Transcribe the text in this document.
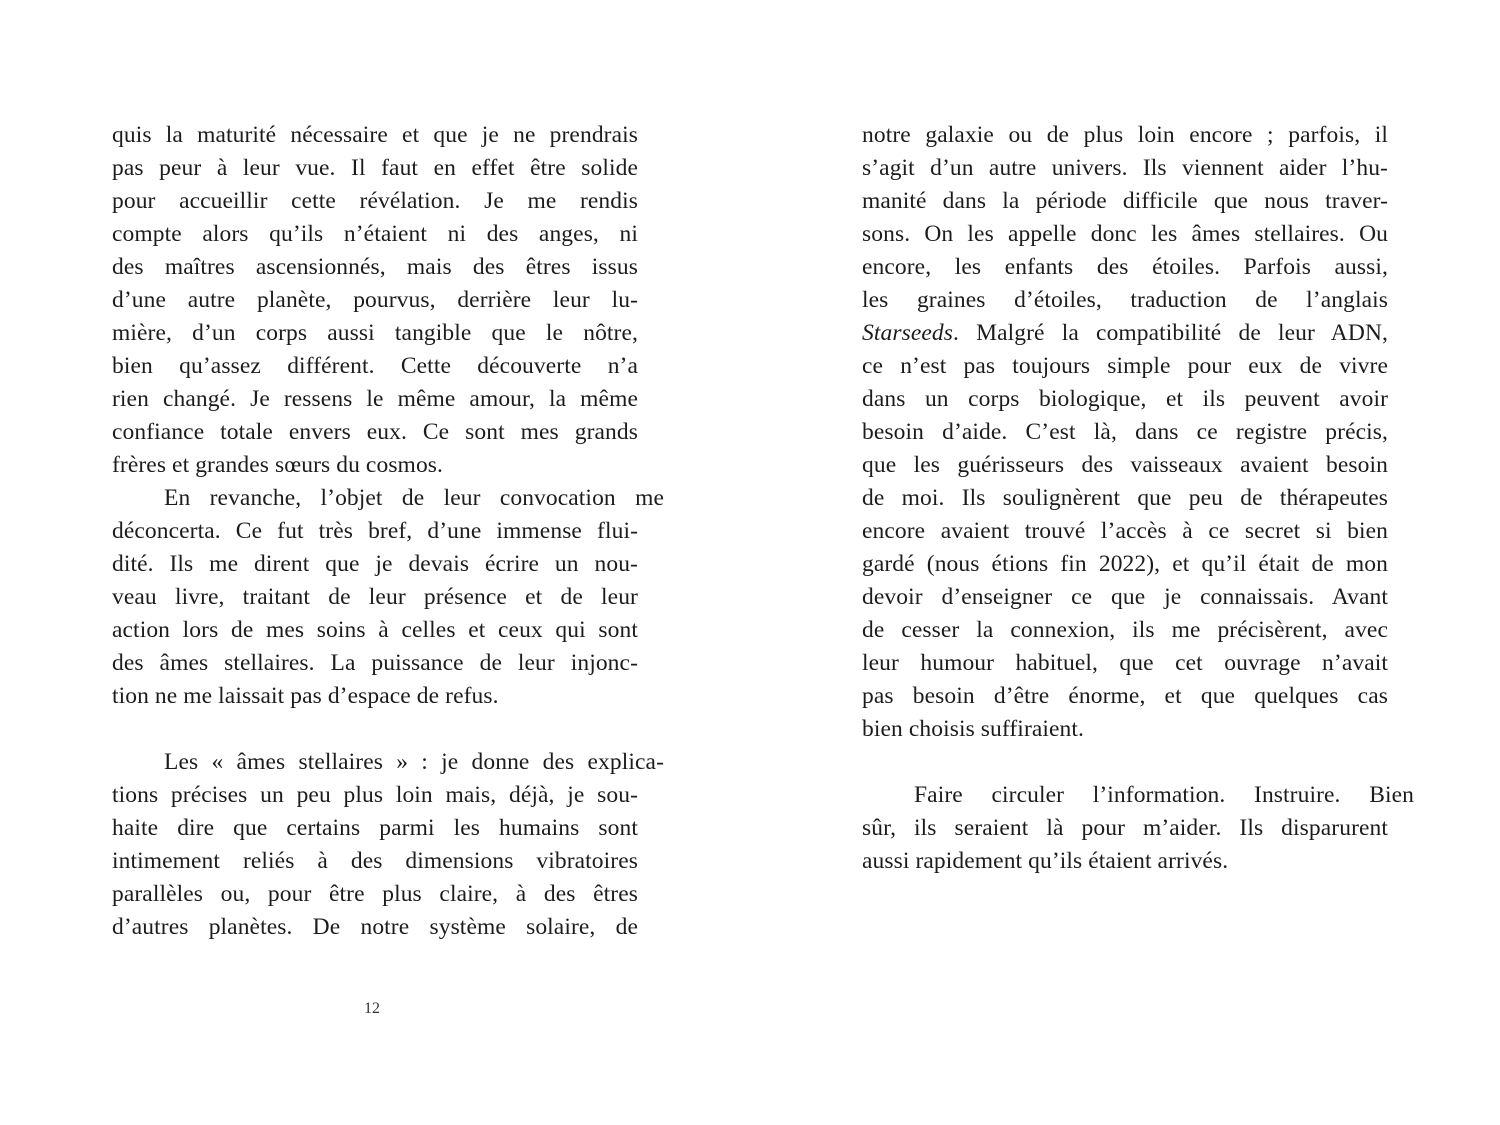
quis la maturité nécessaire et que je ne prendrais
pas peur à leur vue. Il faut en effet être solide
pour accueillir cette révélation. Je me rendis
compte alors qu’ils n’étaient ni des anges, ni
des maîtres ascensionnés, mais des êtres issus
d’une autre planète, pourvus, derrière leur lu-
mière, d’un corps aussi tangible que le nôtre,
bien qu’assez différent. Cette découverte n’a
rien changé. Je ressens le même amour, la même
confiance totale envers eux. Ce sont mes grands
frères et grandes sœurs du cosmos.
En revanche, l’objet de leur convocation me
déconcerta. Ce fut très bref, d’une immense flui-
dité. Ils me dirent que je devais écrire un nou-
veau livre, traitant de leur présence et de leur
action lors de mes soins à celles et ceux qui sont
des âmes stellaires. La puissance de leur injonc-
tion ne me laissait pas d’espace de refus.
Les « âmes stellaires » : je donne des explica-
tions précises un peu plus loin mais, déjà, je sou-
haite dire que certains parmi les humains sont
intimement reliés à des dimensions vibratoires
parallèles ou, pour être plus claire, à des êtres
d’autres planètes. De notre système solaire, de
12
notre galaxie ou de plus loin encore ; parfois, il
s’agit d’un autre univers. Ils viennent aider l’hu-
manité dans la période difficile que nous traver-
sons. On les appelle donc les âmes stellaires. Ou
encore, les enfants des étoiles. Parfois aussi,
les graines d’étoiles, traduction de l’anglais
Starseeds. Malgré la compatibilité de leur ADN,
ce n’est pas toujours simple pour eux de vivre
dans un corps biologique, et ils peuvent avoir
besoin d’aide. C’est là, dans ce registre précis,
que les guérisseurs des vaisseaux avaient besoin
de moi. Ils soulignèrent que peu de thérapeutes
encore avaient trouvé l’accès à ce secret si bien
gardé (nous étions fin 2022), et qu’il était de mon
devoir d’enseigner ce que je connaissais. Avant
de cesser la connexion, ils me précisèrent, avec
leur humour habituel, que cet ouvrage n’avait
pas besoin d’être énorme, et que quelques cas
bien choisis suffiraient.
Faire circuler l’information. Instruire. Bien
sûr, ils seraient là pour m’aider. Ils disparurent
aussi rapidement qu’ils étaient arrivés.
